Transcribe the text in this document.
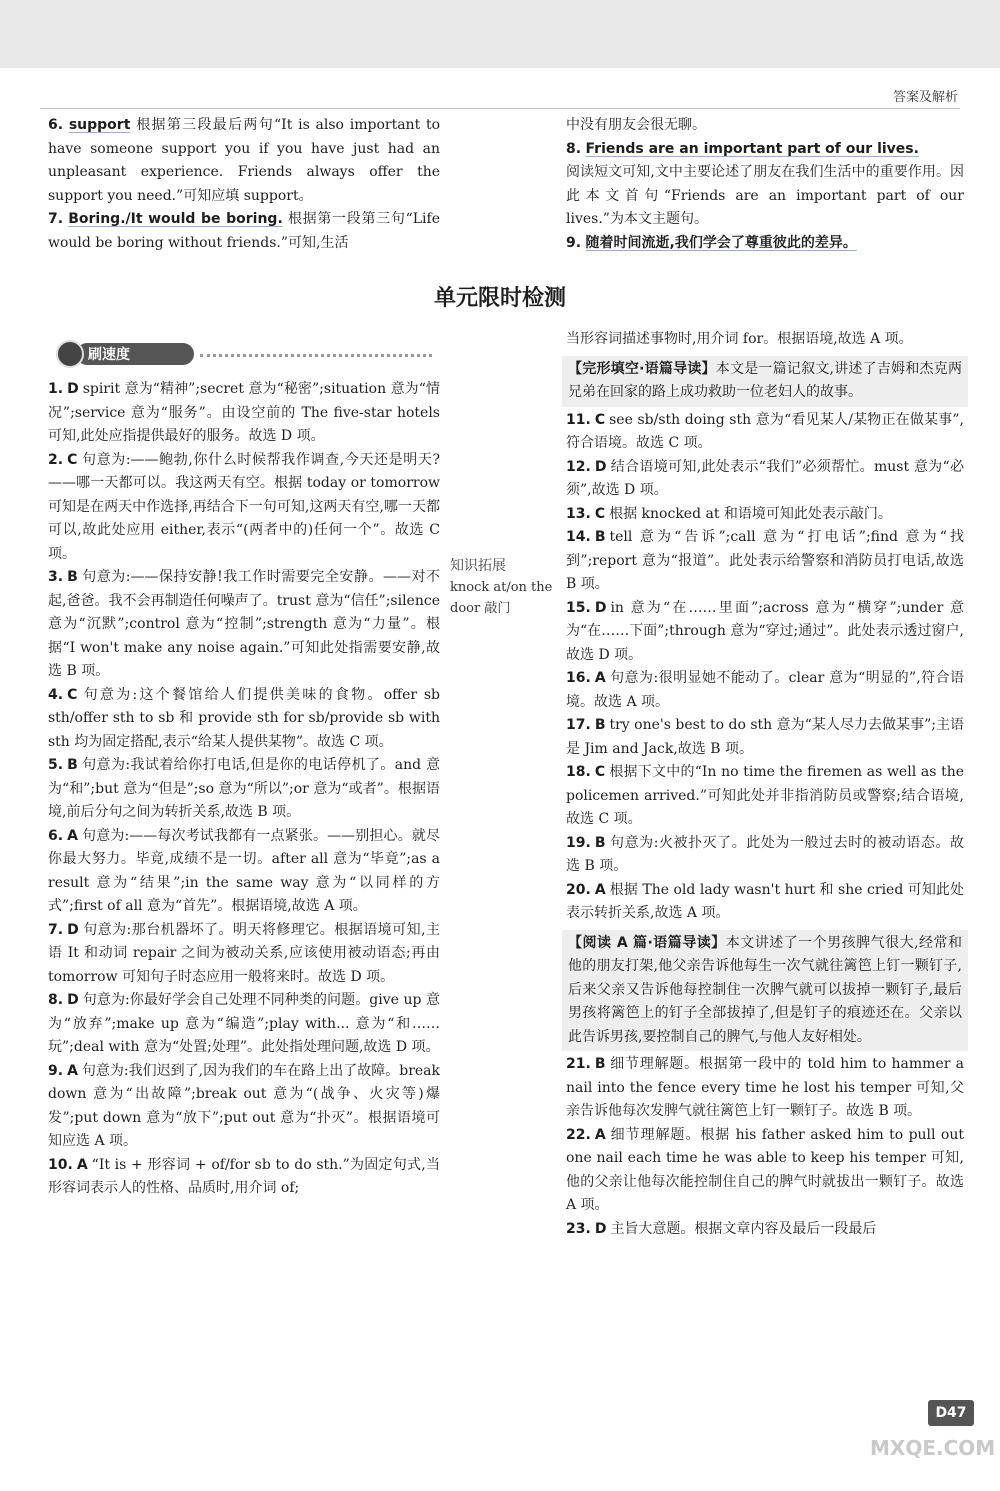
答案及解析

6. support 根据第三段最后两句“It is also important to have someone support you if you have just had an unpleasant experience. Friends always offer the support you need.”可知应填 support。

7. Boring./It would be boring. 根据第一段第三句“Life would be boring without friends.”可知,生活

中没有朋友会很无聊。

8. Friends are an important part of our lives.
阅读短文可知,文中主要论述了朋友在我们生活中的重要作用。因此本文首句“Friends are an important part of our lives.”为本文主题句。

9. 随着时间流逝,我们学会了尊重彼此的差异。

单元限时检测
刷速度

1. D spirit 意为“精神”;secret 意为“秘密”;situation 意为“情况”;service 意为“服务”。由设空前的 The five-star hotels 可知,此处应指提供最好的服务。故选 D 项。

2. C 句意为:——鲍勃,你什么时候帮我作调查,今天还是明天?——哪一天都可以。我这两天有空。根据 today or tomorrow 可知是在两天中作选择,再结合下一句可知,这两天有空,哪一天都可以,故此处应用 either,表示“(两者中的)任何一个”。故选 C 项。

3. B 句意为:——保持安静!我工作时需要完全安静。——对不起,爸爸。我不会再制造任何噪声了。trust 意为“信任”;silence 意为“沉默”;control 意为“控制”;strength 意为“力量”。根据“I won't make any noise again.”可知此处指需要安静,故选 B 项。

4. C 句意为:这个餐馆给人们提供美味的食物。offer sb sth/offer sth to sb 和 provide sth for sb/provide sb with sth 均为固定搭配,表示“给某人提供某物”。故选 C 项。

5. B 句意为:我试着给你打电话,但是你的电话停机了。and 意为“和”;but 意为“但是”;so 意为“所以”;or 意为“或者”。根据语境,前后分句之间为转折关系,故选 B 项。

6. A 句意为:——每次考试我都有一点紧张。——别担心。就尽你最大努力。毕竟,成绩不是一切。after all 意为“毕竟”;as a result 意为“结果”;in the same way 意为“以同样的方式”;first of all 意为“首先”。根据语境,故选 A 项。

7. D 句意为:那台机器坏了。明天将修理它。根据语境可知,主语 It 和动词 repair 之间为被动关系,应该使用被动语态;再由 tomorrow 可知句子时态应用一般将来时。故选 D 项。

8. D 句意为:你最好学会自己处理不同种类的问题。give up 意为“放弃”;make up 意为“编造”;play with... 意为“和……玩”;deal with 意为“处置;处理”。此处指处理问题,故选 D 项。

9. A 句意为:我们迟到了,因为我们的车在路上出了故障。break down 意为“出故障”;break out 意为“(战争、火灾等)爆发”;put down 意为“放下”;put out 意为“扑灭”。根据语境可知应选 A 项。

10. A “It is + 形容词 + of/for sb to do sth.”为固定句式,当形容词表示人的性格、品质时,用介词 of;

知识拓展
knock at/on the door 敲门

当形容词描述事物时,用介词 for。根据语境,故选 A 项。

【完形填空·语篇导读】本文是一篇记叙文,讲述了吉姆和杰克两兄弟在回家的路上成功救助一位老妇人的故事。

11. C see sb/sth doing sth 意为“看见某人/某物正在做某事”,符合语境。故选 C 项。

12. D 结合语境可知,此处表示“我们”必须帮忙。must 意为“必须”,故选 D 项。

13. C 根据 knocked at 和语境可知此处表示敲门。

14. B tell 意为“告诉”;call 意为“打电话”;find 意为“找到”;report 意为“报道”。此处表示给警察和消防员打电话,故选 B 项。

15. D in 意为“在……里面”;across 意为“横穿”;under 意为“在……下面”;through 意为“穿过;通过”。此处表示透过窗户,故选 D 项。

16. A 句意为:很明显她不能动了。clear 意为“明显的”,符合语境。故选 A 项。

17. B try one's best to do sth 意为“某人尽力去做某事”;主语是 Jim and Jack,故选 B 项。

18. C 根据下文中的“In no time the firemen as well as the policemen arrived.”可知此处并非指消防员或警察;结合语境,故选 C 项。

19. B 句意为:火被扑灭了。此处为一般过去时的被动语态。故选 B 项。

20. A 根据 The old lady wasn't hurt 和 she cried 可知此处表示转折关系,故选 A 项。

【阅读 A 篇·语篇导读】本文讲述了一个男孩脾气很大,经常和他的朋友打架,他父亲告诉他每生一次气就往篱笆上钉一颗钉子,后来父亲又告诉他每控制住一次脾气就可以拔掉一颗钉子,最后男孩将篱笆上的钉子全部拔掉了,但是钉子的痕迹还在。父亲以此告诉男孩,要控制自己的脾气,与他人友好相处。

21. B 细节理解题。根据第一段中的 told him to hammer a nail into the fence every time he lost his temper 可知,父亲告诉他每次发脾气就往篱笆上钉一颗钉子。故选 B 项。

22. A 细节理解题。根据 his father asked him to pull out one nail each time he was able to keep his temper 可知,他的父亲让他每次能控制住自己的脾气时就拔出一颗钉子。故选 A 项。

23. D 主旨大意题。根据文章内容及最后一段最后

D47
MXQE.COM
